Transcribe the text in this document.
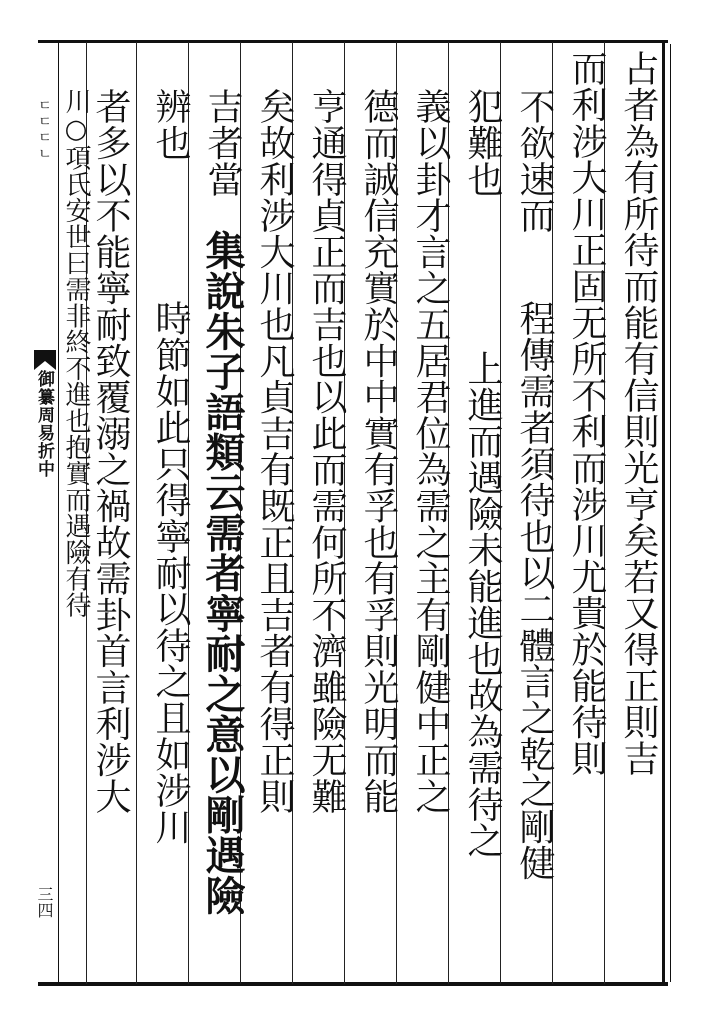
ㄷㄷㄷㄴ
御纂周易折中
三四
占者為有所待而能有信則光亨矣若又得正則吉
而利涉大川正固无所不利而涉川尤貴於能待則
不欲速而
程傳需者須待也以二體言之乾之剛健
犯難也
上進而遇險未能進也故為需待之
義以卦才言之五居君位為需之主有剛健中正之
德而誠信充實於中中實有孚也有孚則光明而能
亨通得貞正而吉也以此而需何所不濟雖險无難
矣故利涉大川也凡貞吉有既正且吉者有得正則
吉者當
集說朱子語類云需者寧耐之意以剛遇險
辨也
時節如此只得寧耐以待之且如涉川
者多以不能寧耐致覆溺之禍故需卦首言利涉大
川○項氏安世曰需非終不進也抱實而遇險有待
